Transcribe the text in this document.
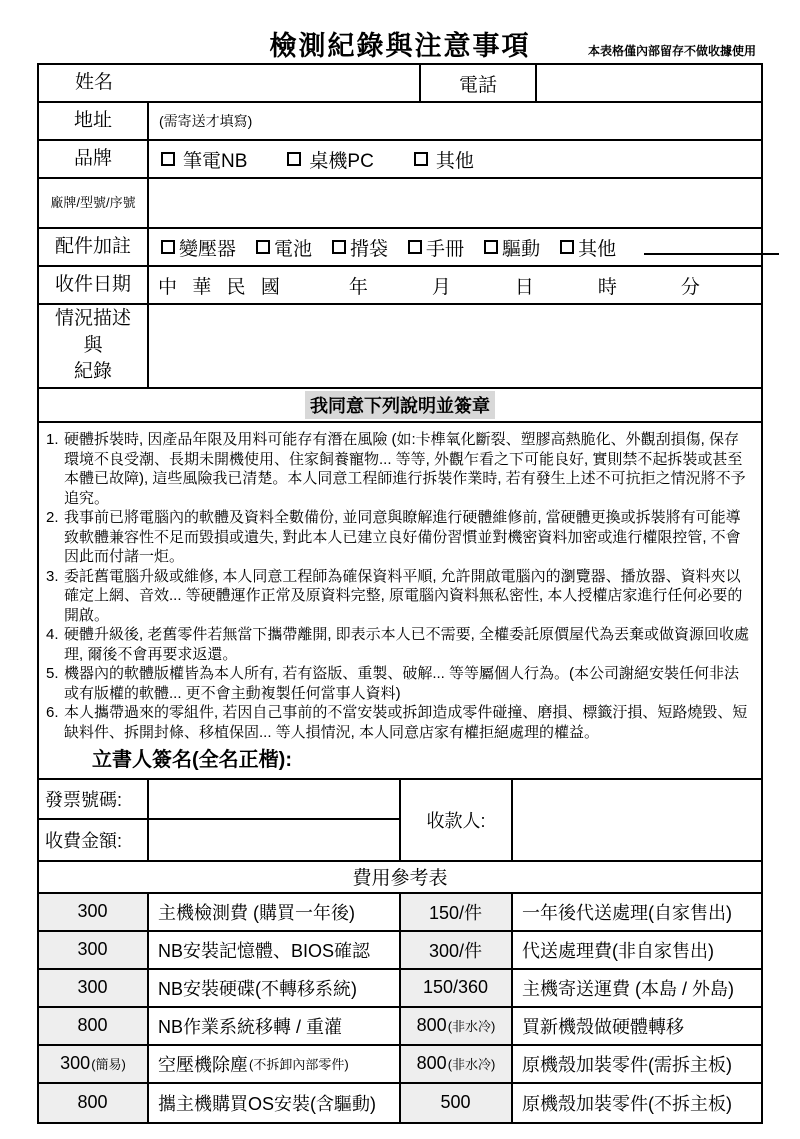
檢測紀錄與注意事項	本表格僅內部留存不做收據使用
姓名	電話
地址	(需寄送才填寫)
品牌	筆電NB	桌機PC	其他
廠牌/型號/序號
配件加註	變壓器 電池 揹袋 手冊 驅動 其他
收件日期	中 華 民 國	年	月	日	時	分
情況描述
與
紀錄
我同意下列說明並簽章
1. 硬體拆裝時, 因產品年限及用料可能存有潛在風險 (如:卡榫氧化斷裂、塑膠高熱脆化、外觀刮損傷, 保存環境不良受潮、長期未開機使用、住家飼養寵物... 等等, 外觀乍看之下可能良好, 實則禁不起拆裝或甚至本體已故障), 這些風險我已清楚。本人同意工程師進行拆裝作業時, 若有發生上述不可抗拒之情況將不予追究。
2. 我事前已將電腦內的軟體及資料全數備份, 並同意與瞭解進行硬體維修前, 當硬體更換或拆裝將有可能導致軟體兼容性不足而毀損或遺失, 對此本人已建立良好備份習慣並對機密資料加密或進行權限控管, 不會因此而付諸一炬。
3. 委託舊電腦升級或維修, 本人同意工程師為確保資料平順, 允許開啟電腦內的瀏覽器、播放器、資料夾以確定上網、音效... 等硬體運作正常及原資料完整, 原電腦內資料無私密性, 本人授權店家進行任何必要的開啟。
4. 硬體升級後, 老舊零件若無當下攜帶離開, 即表示本人已不需要, 全權委託原價屋代為丟棄或做資源回收處理, 爾後不會再要求返還。
5. 機器內的軟體版權皆為本人所有, 若有盜版、重製、破解... 等等屬個人行為。(本公司謝絕安裝任何非法或有版權的軟體... 更不會主動複製任何當事人資料)
6. 本人攜帶過來的零組件, 若因自己事前的不當安裝或拆卸造成零件碰撞、磨損、標籤汙損、短路燒毀、短缺料件、拆開封條、移植保固... 等人損情況, 本人同意店家有權拒絕處理的權益。
立書人簽名(全名正楷):
發票號碼:
收款人:
收費金額:
費用參考表
300	主機檢測費 (購買一年後)	150/件 一年後代送處理(自家售出)
300	NB安裝記憶體、BIOS確認	300/件 代送處理費(非自家售出)
300	NB安裝硬碟(不轉移系統)	150/360 主機寄送運費 (本島 / 外島)
800	NB作業系統移轉 / 重灌	800 (非水冷) 買新機殼做硬體轉移
300 (簡易) 空壓機除塵 (不拆卸內部零件)	800 (非水冷) 原機殼加裝零件(需拆主板)
800	攜主機購買OS安裝(含驅動)	500	原機殼加裝零件(不拆主板)
